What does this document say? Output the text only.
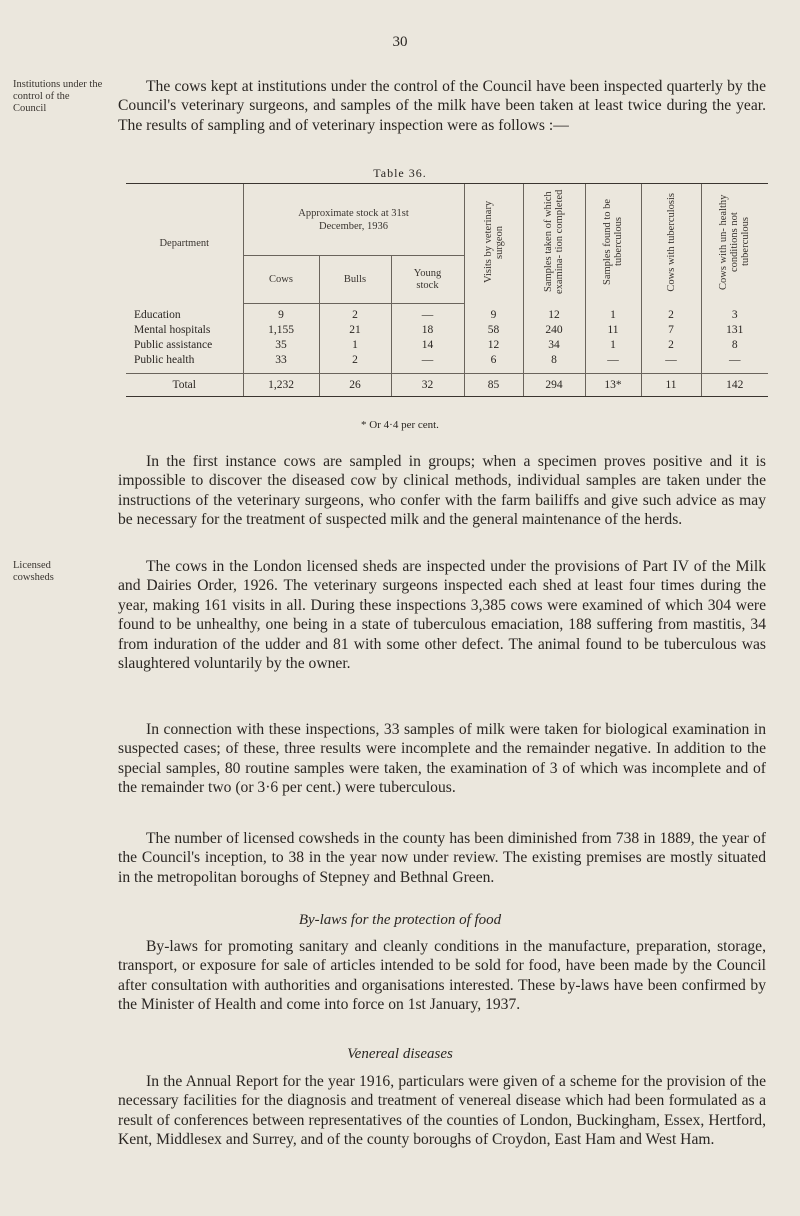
30
Institutions under the control of the Council

The cows kept at institutions under the control of the Council have been inspected quarterly by the Council's veterinary surgeons, and samples of the milk have been taken at least twice during the year. The results of sampling and of veterinary inspection were as follows :—

Table 36.
Department	Approximate stock at 31st December, 1936			Visits by veterinary surgeon	Samples taken of which examina- tion completed	Samples found to be tuberculous	Cows with tuberculosis	Cows with un- healthy conditions not tuberculous
	Cows	Bulls	Young stock					
Education	9	2	—	9	12	1	2	3
Mental hospitals	1,155	21	18	58	240	11	7	131
Public assistance	35	1	14	12	34	1	2	8
Public health	33	2	—	6	8	—	—	—
Total	1,232	26	32	85	294	13*	11	142
* Or 4·4 per cent.

In the first instance cows are sampled in groups; when a specimen proves positive and it is impossible to discover the diseased cow by clinical methods, individual samples are taken under the instructions of the veterinary surgeons, who confer with the farm bailiffs and give such advice as may be necessary for the treatment of suspected milk and the general maintenance of the herds.

Licensed cowsheds

The cows in the London licensed sheds are inspected under the provisions of Part IV of the Milk and Dairies Order, 1926. The veterinary surgeons inspected each shed at least four times during the year, making 161 visits in all. During these inspections 3,385 cows were examined of which 304 were found to be unhealthy, one being in a state of tuberculous emaciation, 188 suffering from mastitis, 34 from induration of the udder and 81 with some other defect. The animal found to be tuberculous was slaughtered voluntarily by the owner.

In connection with these inspections, 33 samples of milk were taken for biological examination in suspected cases; of these, three results were incomplete and the remainder negative. In addition to the special samples, 80 routine samples were taken, the examination of 3 of which was incomplete and of the remainder two (or 3·6 per cent.) were tuberculous.

The number of licensed cowsheds in the county has been diminished from 738 in 1889, the year of the Council's inception, to 38 in the year now under review. The existing premises are mostly situated in the metropolitan boroughs of Stepney and Bethnal Green.

By-laws for the protection of food

By-laws for promoting sanitary and cleanly conditions in the manufacture, preparation, storage, transport, or exposure for sale of articles intended to be sold for food, have been made by the Council after consultation with authorities and organisations interested. These by-laws have been confirmed by the Minister of Health and come into force on 1st January, 1937.

Venereal diseases

In the Annual Report for the year 1916, particulars were given of a scheme for the provision of the necessary facilities for the diagnosis and treatment of venereal disease which had been formulated as a result of conferences between representatives of the counties of London, Buckingham, Essex, Hertford, Kent, Middlesex and Surrey, and of the county boroughs of Croydon, East Ham and West Ham.
